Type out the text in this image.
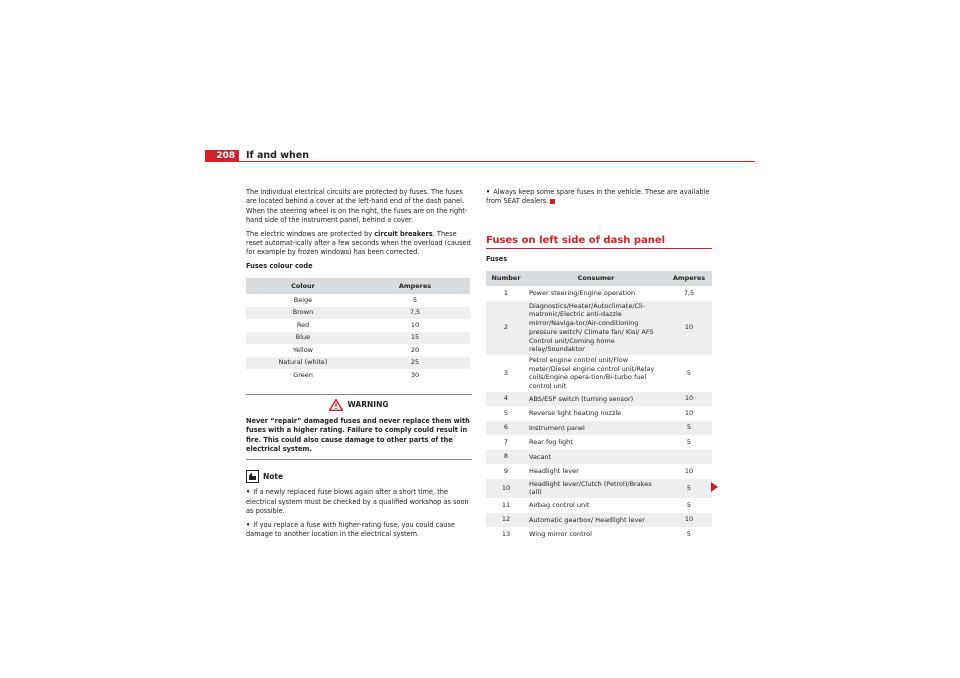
208	If and when

The individual electrical circuits are protected by fuses. The fuses are located behind a cover at the left-hand end of the dash panel. When the steering wheel is on the right, the fuses are on the right-hand side of the instrument panel, behind a cover.

The electric windows are protected by circuit breakers. These reset automat-ically after a few seconds when the overload (caused for example by frozen windows) has been corrected.

Fuses colour code
Colour	Amperes
Beige	5
Brown	7,5
Red	10
Blue	15
Yellow	20
Natural (white)	25
Green	30
WARNING
Never “repair” damaged fuses and never replace them with fuses with a higher rating. Failure to comply could result in fire. This could also cause damage to other parts of the electrical system.
Note
• If a newly replaced fuse blows again after a short time, the electrical system must be checked by a qualified workshop as soon as possible.
• If you replace a fuse with higher-rating fuse, you could cause damage to another location in the electrical system.
• Always keep some spare fuses in the vehicle. These are available from SEAT dealers.
Fuses on left side of dash panel
Fuses
Number	Consumer	Amperes
1	Power steering/Engine operation	7,5
2	Diagnostics/Heater/Autoclimate/Cli-matronic/Electric anti-dazzle mirror/Naviga-tor/Air-conditioning pressure switch/ Climate fan/ Kisi/ AFS Control unit/Coming home relay/Soundaktor	10
3	Petrol engine control unit/Flow meter/Diesel engine control unit/Relay coils/Engine opera-tion/Bi-turbo fuel control unit	5
4	ABS/ESP switch (turning sensor)	10
5	Reverse light heating nozzle	10
6	Instrument panel	5
7	Rear fog light	5
8	Vacant	
9	Headlight lever	10
10	Headlight lever/Clutch (Petrol)/Brakes (all)	5
11	Airbag control unit	5
12	Automatic gearbox/ Headlight lever	10
13	Wing mirror control	5
